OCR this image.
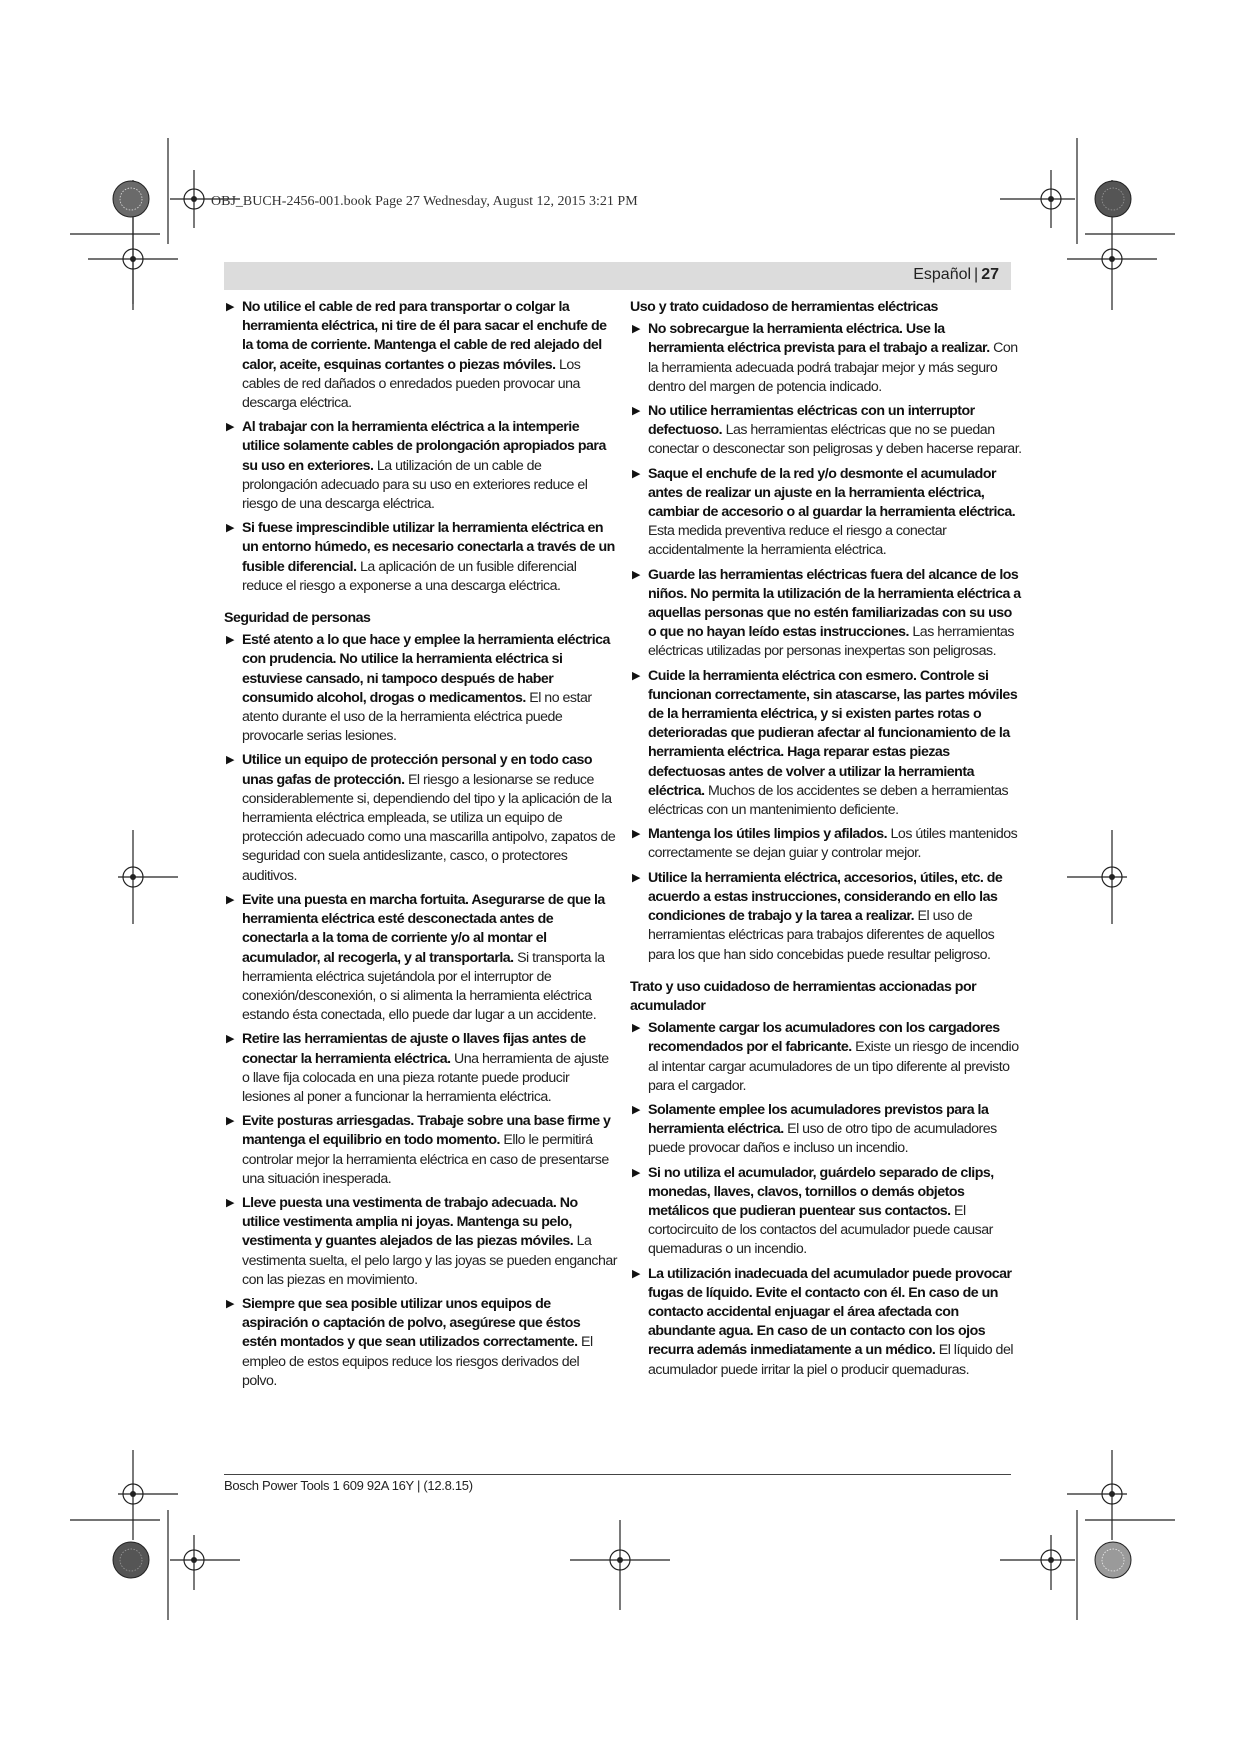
OBJ_BUCH-2456-001.book Page 27 Wednesday, August 12, 2015 3:21 PM
Español | 27
▶ No utilice el cable de red para transportar o colgar la herramienta eléctrica, ni tire de él para sacar el enchufe de la toma de corriente. Mantenga el cable de red alejado del calor, aceite, esquinas cortantes o piezas móviles. Los cables de red dañados o enredados pueden provocar una descarga eléctrica.
▶ Al trabajar con la herramienta eléctrica a la intemperie utilice solamente cables de prolongación apropiados para su uso en exteriores. La utilización de un cable de prolongación adecuado para su uso en exteriores reduce el riesgo de una descarga eléctrica.
▶ Si fuese imprescindible utilizar la herramienta eléctrica en un entorno húmedo, es necesario conectarla a través de un fusible diferencial. La aplicación de un fusible diferencial reduce el riesgo a exponerse a una descarga eléctrica.
Seguridad de personas
▶ Esté atento a lo que hace y emplee la herramienta eléctrica con prudencia. No utilice la herramienta eléctrica si estuviese cansado, ni tampoco después de haber consumido alcohol, drogas o medicamentos. El no estar atento durante el uso de la herramienta eléctrica puede provocarle serias lesiones.
▶ Utilice un equipo de protección personal y en todo caso unas gafas de protección. El riesgo a lesionarse se reduce considerablemente si, dependiendo del tipo y la aplicación de la herramienta eléctrica empleada, se utiliza un equipo de protección adecuado como una mascarilla antipolvo, zapatos de seguridad con suela antideslizante, casco, o protectores auditivos.
▶ Evite una puesta en marcha fortuita. Asegurarse de que la herramienta eléctrica esté desconectada antes de conectarla a la toma de corriente y/o al montar el acumulador, al recogerla, y al transportarla. Si transporta la herramienta eléctrica sujetándola por el interruptor de conexión/desconexión, o si alimenta la herramienta eléctrica estando ésta conectada, ello puede dar lugar a un accidente.
▶ Retire las herramientas de ajuste o llaves fijas antes de conectar la herramienta eléctrica. Una herramienta de ajuste o llave fija colocada en una pieza rotante puede producir lesiones al poner a funcionar la herramienta eléctrica.
▶ Evite posturas arriesgadas. Trabaje sobre una base firme y mantenga el equilibrio en todo momento. Ello le permitirá controlar mejor la herramienta eléctrica en caso de presentarse una situación inesperada.
▶ Lleve puesta una vestimenta de trabajo adecuada. No utilice vestimenta amplia ni joyas. Mantenga su pelo, vestimenta y guantes alejados de las piezas móviles. La vestimenta suelta, el pelo largo y las joyas se pueden enganchar con las piezas en movimiento.
▶ Siempre que sea posible utilizar unos equipos de aspiración o captación de polvo, asegúrese que éstos estén montados y que sean utilizados correctamente. El empleo de estos equipos reduce los riesgos derivados del polvo.
Uso y trato cuidadoso de herramientas eléctricas
▶ No sobrecargue la herramienta eléctrica. Use la herramienta eléctrica prevista para el trabajo a realizar. Con la herramienta adecuada podrá trabajar mejor y más seguro dentro del margen de potencia indicado.
▶ No utilice herramientas eléctricas con un interruptor defectuoso. Las herramientas eléctricas que no se puedan conectar o desconectar son peligrosas y deben hacerse reparar.
▶ Saque el enchufe de la red y/o desmonte el acumulador antes de realizar un ajuste en la herramienta eléctrica, cambiar de accesorio o al guardar la herramienta eléctrica. Esta medida preventiva reduce el riesgo a conectar accidentalmente la herramienta eléctrica.
▶ Guarde las herramientas eléctricas fuera del alcance de los niños. No permita la utilización de la herramienta eléctrica a aquellas personas que no estén familiarizadas con su uso o que no hayan leído estas instrucciones. Las herramientas eléctricas utilizadas por personas inexpertas son peligrosas.
▶ Cuide la herramienta eléctrica con esmero. Controle si funcionan correctamente, sin atascarse, las partes móviles de la herramienta eléctrica, y si existen partes rotas o deterioradas que pudieran afectar al funcionamiento de la herramienta eléctrica. Haga reparar estas piezas defectuosas antes de volver a utilizar la herramienta eléctrica. Muchos de los accidentes se deben a herramientas eléctricas con un mantenimiento deficiente.
▶ Mantenga los útiles limpios y afilados. Los útiles mantenidos correctamente se dejan guiar y controlar mejor.
▶ Utilice la herramienta eléctrica, accesorios, útiles, etc. de acuerdo a estas instrucciones, considerando en ello las condiciones de trabajo y la tarea a realizar. El uso de herramientas eléctricas para trabajos diferentes de aquellos para los que han sido concebidas puede resultar peligroso.
Trato y uso cuidadoso de herramientas accionadas por acumulador
▶ Solamente cargar los acumuladores con los cargadores recomendados por el fabricante. Existe un riesgo de incendio al intentar cargar acumuladores de un tipo diferente al previsto para el cargador.
▶ Solamente emplee los acumuladores previstos para la herramienta eléctrica. El uso de otro tipo de acumuladores puede provocar daños e incluso un incendio.
▶ Si no utiliza el acumulador, guárdelo separado de clips, monedas, llaves, clavos, tornillos o demás objetos metálicos que pudieran puentear sus contactos. El cortocircuito de los contactos del acumulador puede causar quemaduras o un incendio.
▶ La utilización inadecuada del acumulador puede provocar fugas de líquido. Evite el contacto con él. En caso de un contacto accidental enjuagar el área afectada con abundante agua. En caso de un contacto con los ojos recurra además inmediatamente a un médico. El líquido del acumulador puede irritar la piel o producir quemaduras.
Bosch Power Tools 1 609 92A 16Y | (12.8.15)
